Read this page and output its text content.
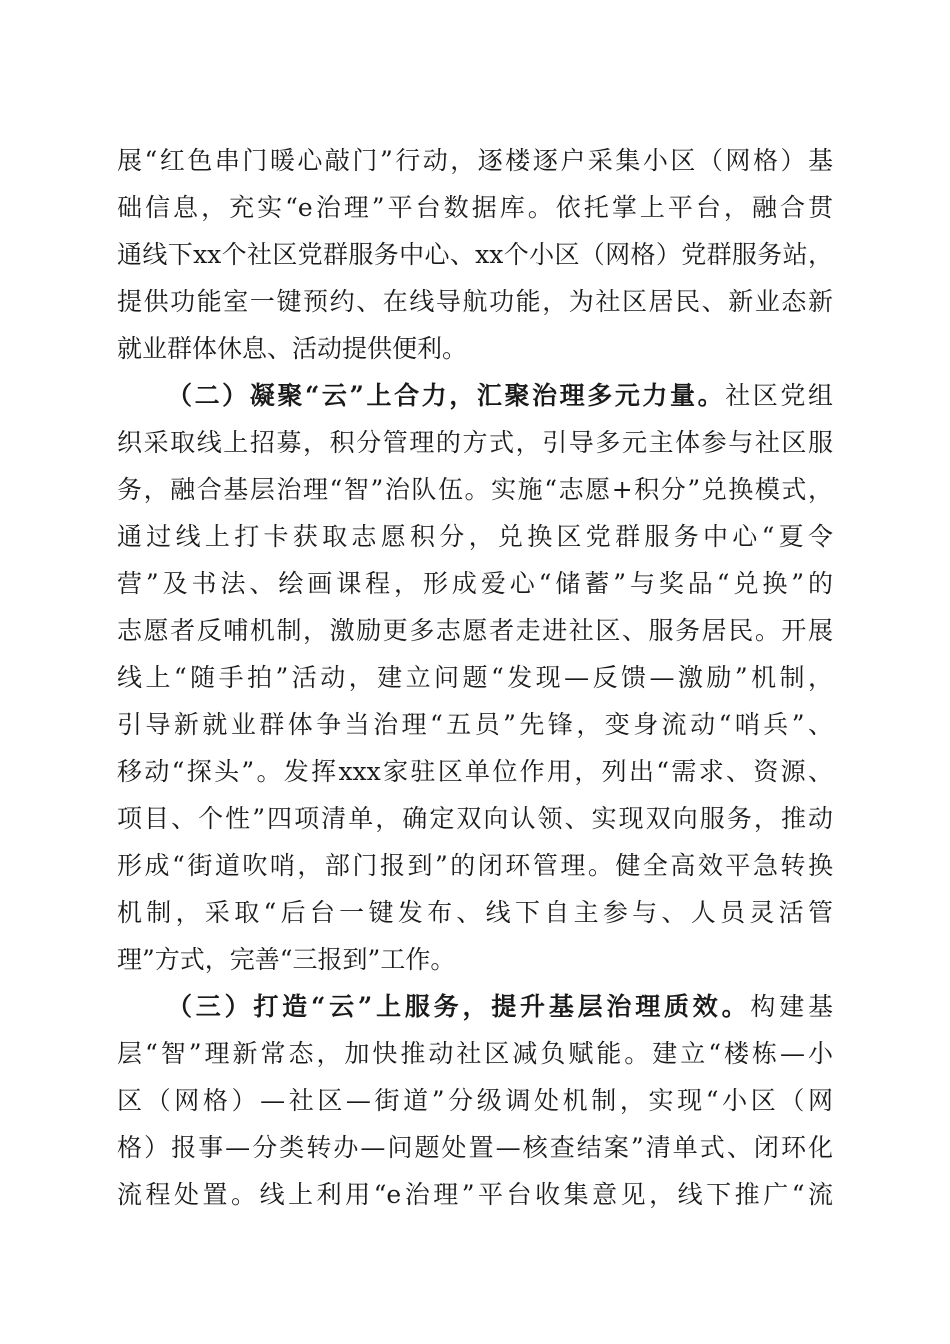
展“红色串门暖心敲门”行动，逐楼逐户采集小区（网格）基
础信息，充实“e治理”平台数据库。依托掌上平台，融合贯
通线下xx个社区党群服务中心、xx个小区（网格）党群服务站，
提供功能室一键预约、在线导航功能，为社区居民、新业态新
就业群体休息、活动提供便利。
（二）凝聚“云”上合力，汇聚治理多元力量。社区党组
织采取线上招募，积分管理的方式，引导多元主体参与社区服
务，融合基层治理“智”治队伍。实施“志愿+积分”兑换模式，
通过线上打卡获取志愿积分，兑换区党群服务中心“夏令
营”及书法、绘画课程，形成爱心“储蓄”与奖品“兑换”的
志愿者反哺机制，激励更多志愿者走进社区、服务居民。开展
线上“随手拍”活动，建立问题“发现—反馈—激励”机制，
引导新就业群体争当治理“五员”先锋，变身流动“哨兵”、
移动“探头”。发挥xxx家驻区单位作用，列出“需求、资源、
项目、个性”四项清单，确定双向认领、实现双向服务，推动
形成“街道吹哨，部门报到”的闭环管理。健全高效平急转换
机制，采取“后台一键发布、线下自主参与、人员灵活管
理”方式，完善“三报到”工作。
（三）打造“云”上服务，提升基层治理质效。构建基
层“智”理新常态，加快推动社区减负赋能。建立“楼栋—小
区（网格）—社区—街道”分级调处机制，实现“小区（网
格）报事—分类转办—问题处置—核查结案”清单式、闭环化
流程处置。线上利用“e治理”平台收集意见，线下推广“流
